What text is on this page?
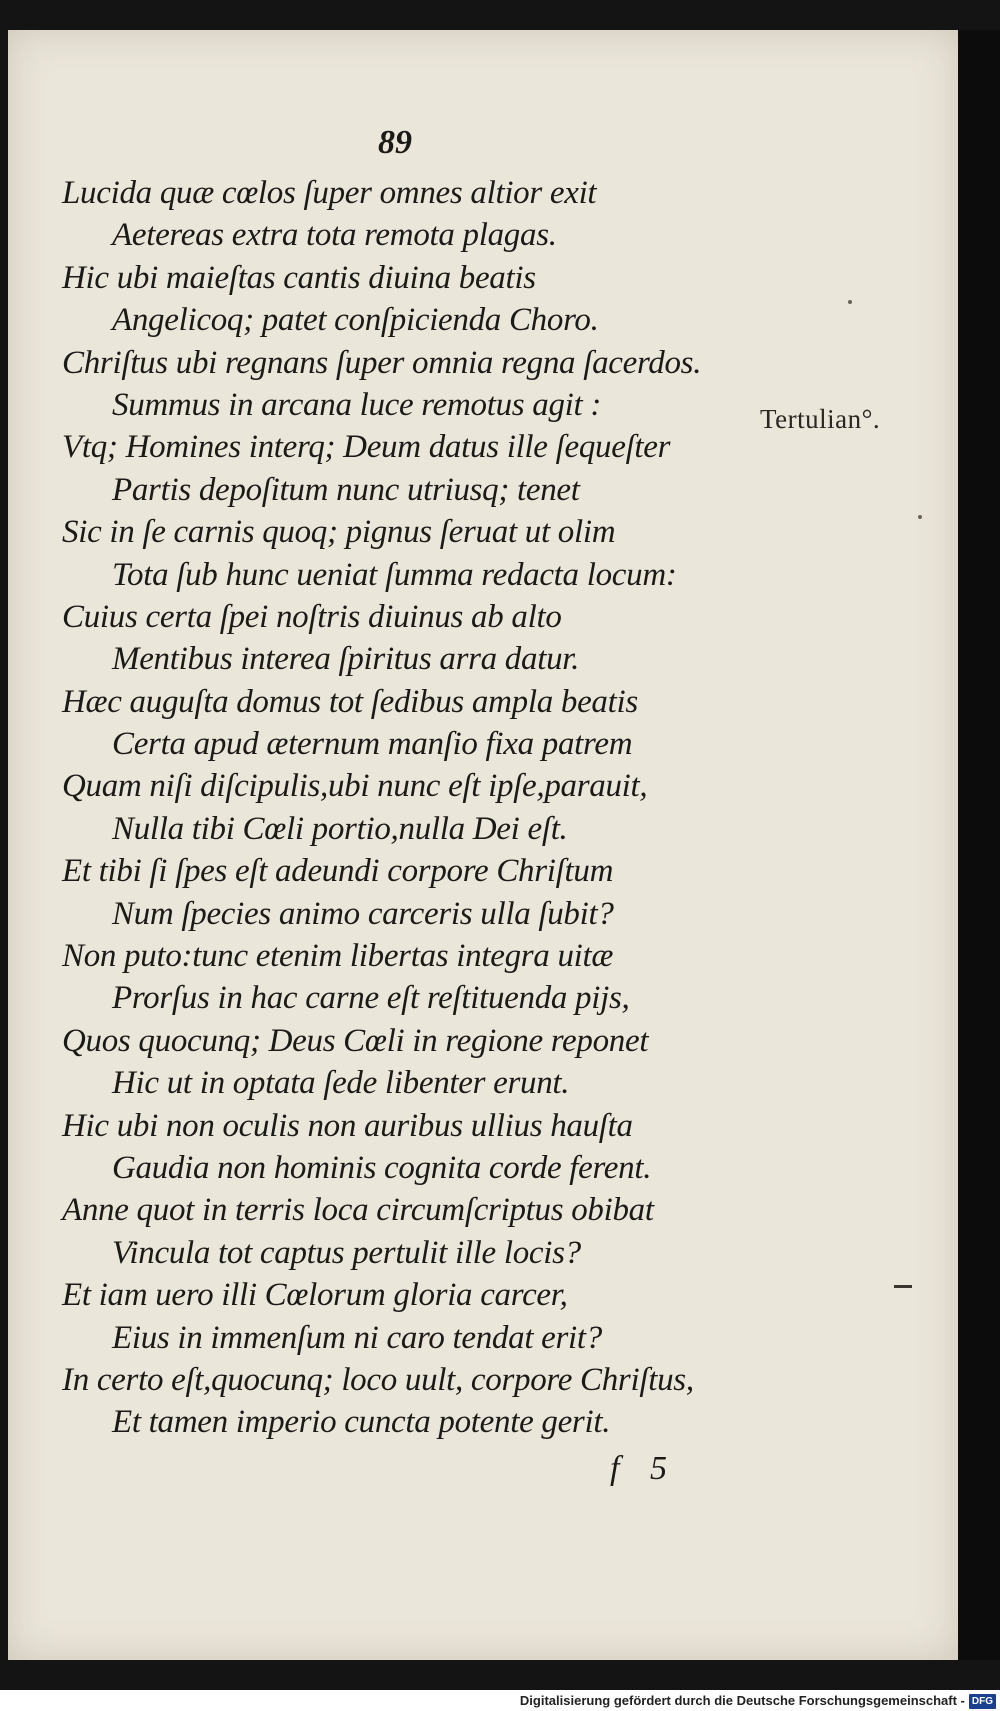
89
Lucida quæ cœlos ſuper omnes altior exit
Aetereas extra tota remota plagas.
Hic ubi maieſtas cantis diuina beatis
Angelicoq; patet conſpicienda Choro.
Chriſtus ubi regnans ſuper omnia regna ſacerdos.
Summus in arcana luce remotus agit :
Vtq; Homines interq; Deum datus ille ſequeſter
Partis depoſitum nunc utriusq; tenet
Sic in ſe carnis quoq; pignus ſeruat ut olim
Tota ſub hunc ueniat ſumma redacta locum:
Cuius certa ſpei noſtris diuinus ab alto
Mentibus interea ſpiritus arra datur.
Hæc auguſta domus tot ſedibus ampla beatis
Certa apud æternum manſio fixa patrem
Quam niſi diſcipulis,ubi nunc eſt ipſe,parauit,
Nulla tibi Cœli portio,nulla Dei eſt.
Et tibi ſi ſpes eſt adeundi corpore Chriſtum
Num ſpecies animo carceris ulla ſubit?
Non puto:tunc etenim libertas integra uitæ
Prorſus in hac carne eſt reſtituenda pijs,
Quos quocunq; Deus Cœli in regione reponet
Hic ut in optata ſede libenter erunt.
Hic ubi non oculis non auribus ullius hauſta
Gaudia non hominis cognita corde ferent.
Anne quot in terris loca circumſcriptus obibat
Vincula tot captus pertulit ille locis?
Et iam uero illi Cœlorum gloria carcer,
Eius in immenſum ni caro tendat erit?
In certo eſt,quocunq; loco uult, corpore Chriſtus,
Et tamen imperio cuncta potente gerit.
Tertulian°.
f 5
Digitalisierung gefördert durch die Deutsche Forschungsgemeinschaft - DFG
